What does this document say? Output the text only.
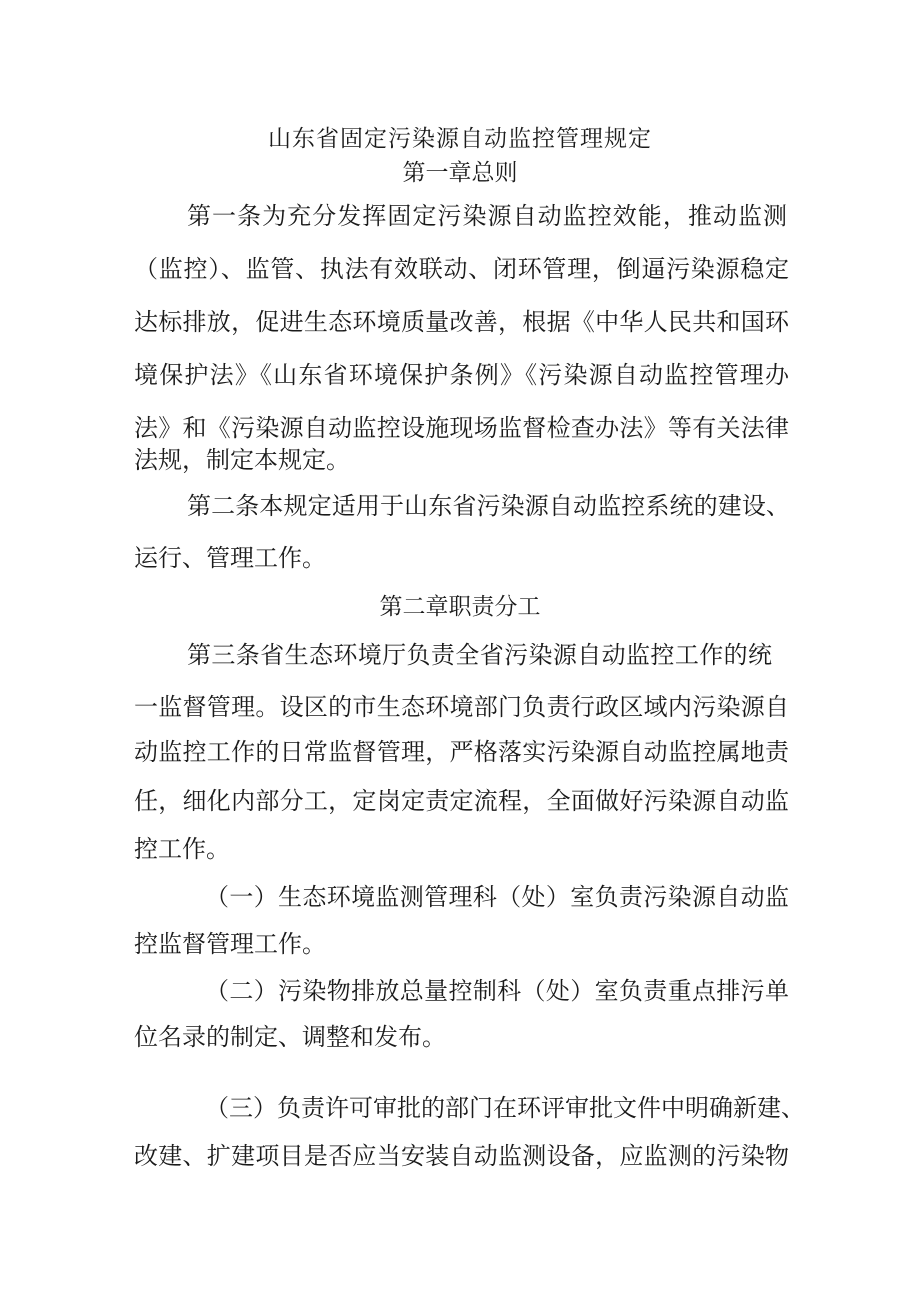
山东省固定污染源自动监控管理规定
第一章总则
第一条为充分发挥固定污染源自动监控效能，推动监测
（监控）、监管、执法有效联动、闭环管理，倒逼污染源稳定
达标排放，促进生态环境质量改善，根据《中华人民共和国环
境保护法》《山东省环境保护条例》《污染源自动监控管理办
法》和《污染源自动监控设施现场监督检查办法》等有关法律
法规，制定本规定。
第二条本规定适用于山东省污染源自动监控系统的建设、
运行、管理工作。
第二章职责分工
第三条省生态环境厅负责全省污染源自动监控工作的统
一监督管理。设区的市生态环境部门负责行政区域内污染源自
动监控工作的日常监督管理，严格落实污染源自动监控属地责
任，细化内部分工，定岗定责定流程，全面做好污染源自动监
控工作。
（一）生态环境监测管理科（处）室负责污染源自动监
控监督管理工作。
（二）污染物排放总量控制科（处）室负责重点排污单
位名录的制定、调整和发布。
（三）负责许可审批的部门在环评审批文件中明确新建、
改建、扩建项目是否应当安装自动监测设备，应监测的污染物
